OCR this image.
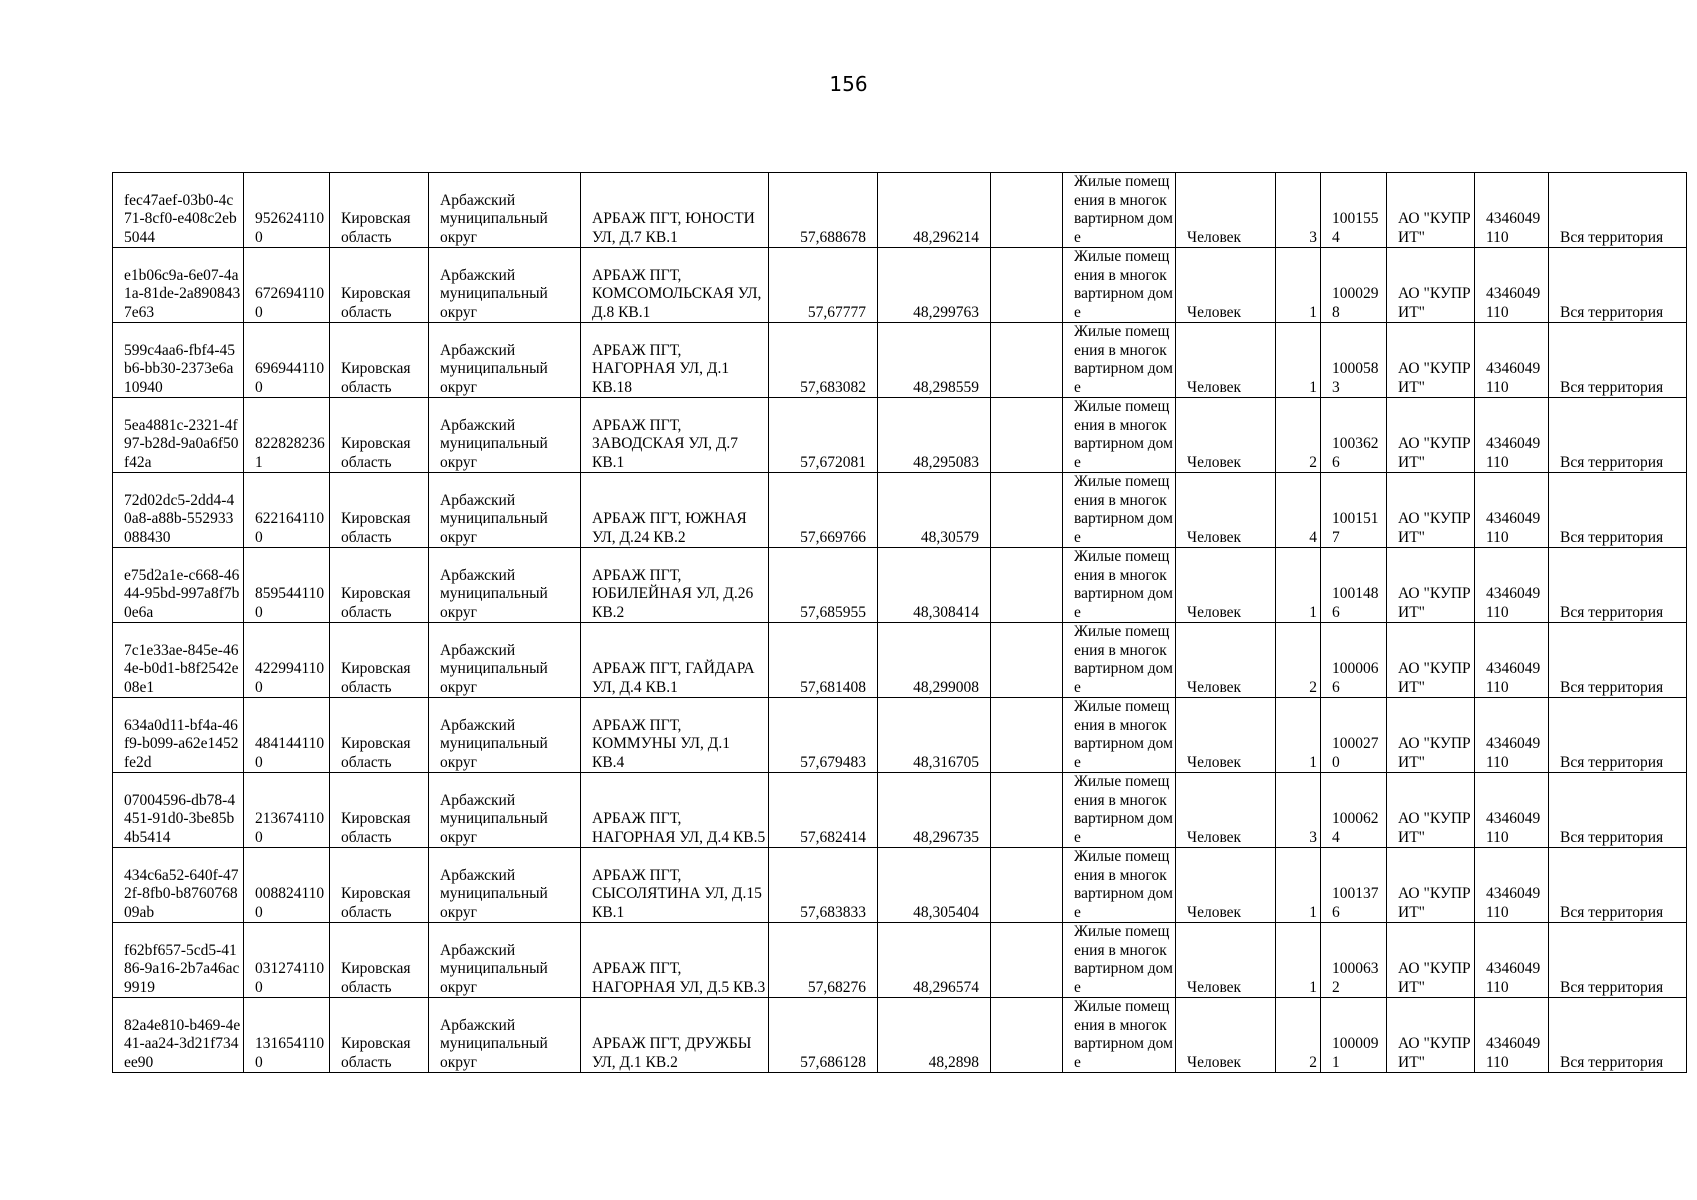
156
fec47aef-03b0-4c71-8cf0-e408c2eb5044	9526241100	Кировская область	Арбажский муниципальный округ	АРБАЖ ПГТ, ЮНОСТИ УЛ, Д.7 КВ.1	57,688678	48,296214		Жилые помещения в многоквартирном доме	Человек	3	1001554	АО "КУПРИТ"	4346049110	Вся территория
e1b06c9a-6e07-4a1a-81de-2a8908437e63	6726941100	Кировская область	Арбажский муниципальный округ	АРБАЖ ПГТ, КОМСОМОЛЬСКАЯ УЛ, Д.8 КВ.1	57,67777	48,299763		Жилые помещения в многоквартирном доме	Человек	1	1000298	АО "КУПРИТ"	4346049110	Вся территория
599c4aa6-fbf4-45b6-bb30-2373e6a10940	6969441100	Кировская область	Арбажский муниципальный округ	АРБАЖ ПГТ, НАГОРНАЯ УЛ, Д.1 КВ.18	57,683082	48,298559		Жилые помещения в многоквартирном доме	Человек	1	1000583	АО "КУПРИТ"	4346049110	Вся территория
5ea4881c-2321-4f97-b28d-9a0a6f50f42a	8228282361	Кировская область	Арбажский муниципальный округ	АРБАЖ ПГТ, ЗАВОДСКАЯ УЛ, Д.7 КВ.1	57,672081	48,295083		Жилые помещения в многоквартирном доме	Человек	2	1003626	АО "КУПРИТ"	4346049110	Вся территория
72d02dc5-2dd4-40a8-a88b-552933088430	6221641100	Кировская область	Арбажский муниципальный округ	АРБАЖ ПГТ, ЮЖНАЯ УЛ, Д.24 КВ.2	57,669766	48,30579		Жилые помещения в многоквартирном доме	Человек	4	1001517	АО "КУПРИТ"	4346049110	Вся территория
e75d2a1e-c668-4644-95bd-997a8f7b0e6a	8595441100	Кировская область	Арбажский муниципальный округ	АРБАЖ ПГТ, ЮБИЛЕЙНАЯ УЛ, Д.26 КВ.2	57,685955	48,308414		Жилые помещения в многоквартирном доме	Человек	1	1001486	АО "КУПРИТ"	4346049110	Вся территория
7c1e33ae-845e-464e-b0d1-b8f2542e08e1	4229941100	Кировская область	Арбажский муниципальный округ	АРБАЖ ПГТ, ГАЙДАРА УЛ, Д.4 КВ.1	57,681408	48,299008		Жилые помещения в многоквартирном доме	Человек	2	1000066	АО "КУПРИТ"	4346049110	Вся территория
634a0d11-bf4a-46f9-b099-a62e1452fe2d	4841441100	Кировская область	Арбажский муниципальный округ	АРБАЖ ПГТ, КОММУНЫ УЛ, Д.1 КВ.4	57,679483	48,316705		Жилые помещения в многоквартирном доме	Человек	1	1000270	АО "КУПРИТ"	4346049110	Вся территория
07004596-db78-4451-91d0-3be85b4b5414	2136741100	Кировская область	Арбажский муниципальный округ	АРБАЖ ПГТ, НАГОРНАЯ УЛ, Д.4 КВ.5	57,682414	48,296735		Жилые помещения в многоквартирном доме	Человек	3	1000624	АО "КУПРИТ"	4346049110	Вся территория
434c6a52-640f-472f-8fb0-b876076809ab	0088241100	Кировская область	Арбажский муниципальный округ	АРБАЖ ПГТ, СЫСОЛЯТИНА УЛ, Д.15 КВ.1	57,683833	48,305404		Жилые помещения в многоквартирном доме	Человек	1	1001376	АО "КУПРИТ"	4346049110	Вся территория
f62bf657-5cd5-4186-9a16-2b7a46ac9919	0312741100	Кировская область	Арбажский муниципальный округ	АРБАЖ ПГТ, НАГОРНАЯ УЛ, Д.5 КВ.3	57,68276	48,296574		Жилые помещения в многоквартирном доме	Человек	1	1000632	АО "КУПРИТ"	4346049110	Вся территория
82a4e810-b469-4e41-aa24-3d21f734ee90	1316541100	Кировская область	Арбажский муниципальный округ	АРБАЖ ПГТ, ДРУЖБЫ УЛ, Д.1 КВ.2	57,686128	48,2898		Жилые помещения в многоквартирном доме	Человек	2	1000091	АО "КУПРИТ"	4346049110	Вся территория
